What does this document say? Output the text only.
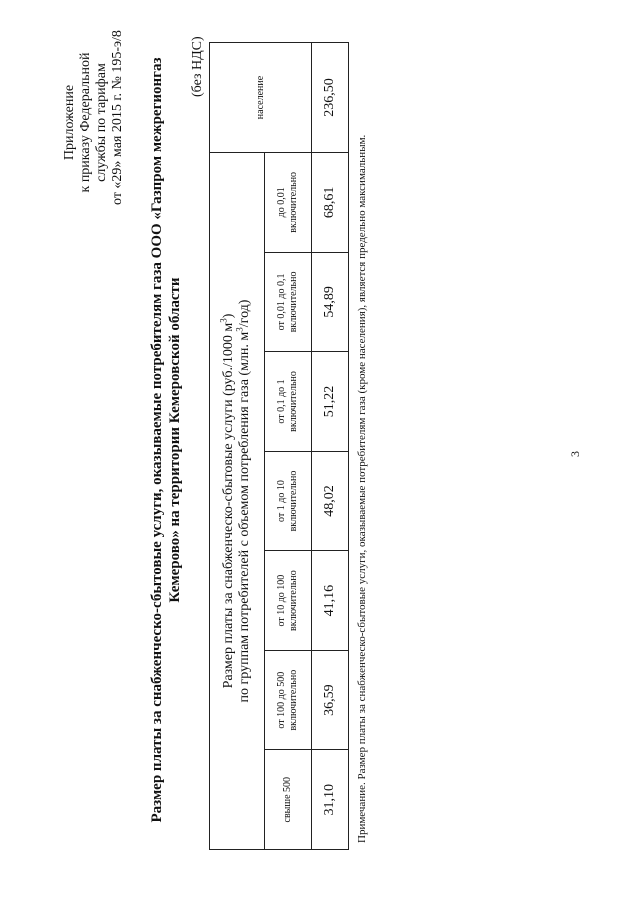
Приложение к приказу Федеральной службы по тарифам от «29» мая 2015 г. № 195-э/8 Размер платы за снабженческо-сбытовые услуги, оказываемые потребителям газа ООО «Газпром межрегионгаз Кемерово» на территории Кемеровской области
(без НДС)
Размер платы за снабженческо-сбытовые услуги (руб./1000 $м^3$)
по группам потребителей с объемом потребления газа (млн. $м^3/год$)							население
свыше 500	от 100 до 500 включительно	от 10 до 100 включительно	от 1 до 10 включительно	от 0,1 до 1 включительно	от 0,01 до 0,1 включительно	до 0,01 включительно	
31,10	36,59	41,16	48,02	51,22	54,89	68,61	236,50
Примечание. Размер платы за снабженческо-сбытовые услуги, оказываемые потребителям газа (кроме населения), является предельно максимальным.	3
